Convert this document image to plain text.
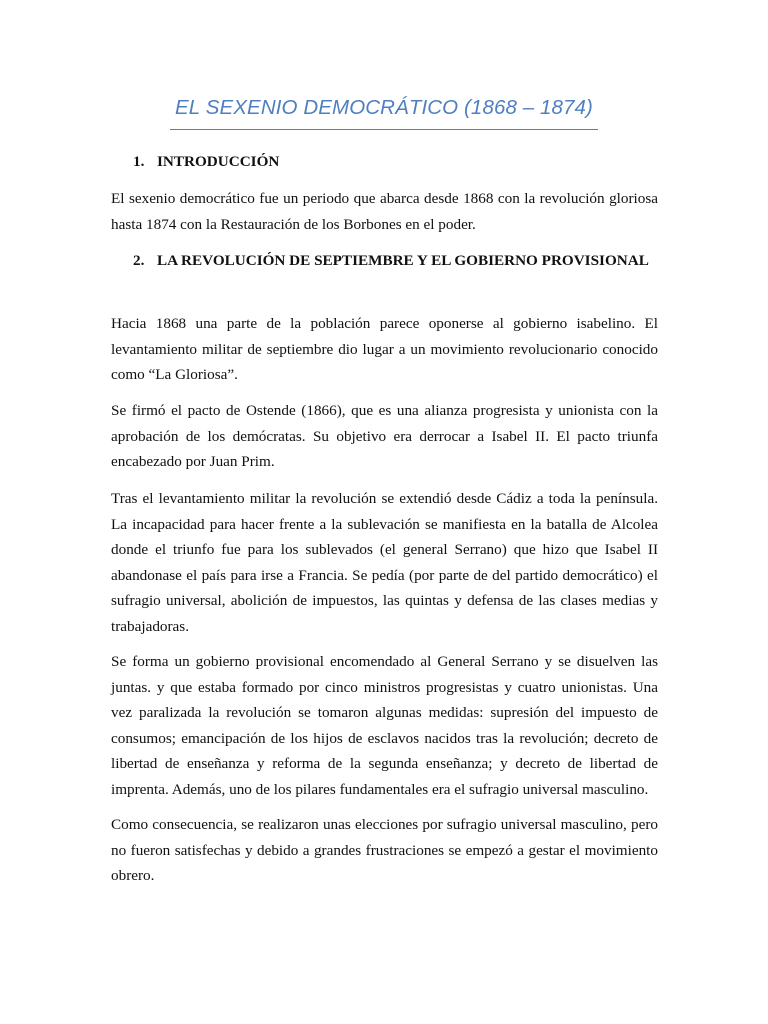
EL SEXENIO DEMOCRÁTICO (1868 – 1874)
1. INTRODUCCIÓN

El sexenio democrático fue un periodo que abarca desde 1868 con la revolución gloriosa hasta 1874 con la Restauración de los Borbones en el poder.

2. LA REVOLUCIÓN DE SEPTIEMBRE Y EL GOBIERNO PROVISIONAL

Hacia 1868 una parte de la población parece oponerse al gobierno isabelino. El levantamiento militar de septiembre dio lugar a un movimiento revolucionario conocido como “La Gloriosa”.

Se firmó el pacto de Ostende (1866), que es una alianza progresista y unionista con la aprobación de los demócratas. Su objetivo era derrocar a Isabel II. El pacto triunfa encabezado por Juan Prim.

Tras el levantamiento militar la revolución se extendió desde Cádiz a toda la península. La incapacidad para hacer frente a la sublevación se manifiesta en la batalla de Alcolea donde el triunfo fue para los sublevados (el general Serrano) que hizo que Isabel II abandonase el país para irse a Francia. Se pedía (por parte de del partido democrático) el sufragio universal, abolición de impuestos, las quintas y defensa de las clases medias y trabajadoras.

Se forma un gobierno provisional encomendado al General Serrano y se disuelven las juntas. y que estaba formado por cinco ministros progresistas y cuatro unionistas. Una vez paralizada la revolución se tomaron algunas medidas: supresión del impuesto de consumos; emancipación de los hijos de esclavos nacidos tras la revolución; decreto de libertad de enseñanza y reforma de la segunda enseñanza; y decreto de libertad de imprenta. Además, uno de los pilares fundamentales era el sufragio universal masculino.

Como consecuencia, se realizaron unas elecciones por sufragio universal masculino, pero no fueron satisfechas y debido a grandes frustraciones se empezó a gestar el movimiento obrero.
